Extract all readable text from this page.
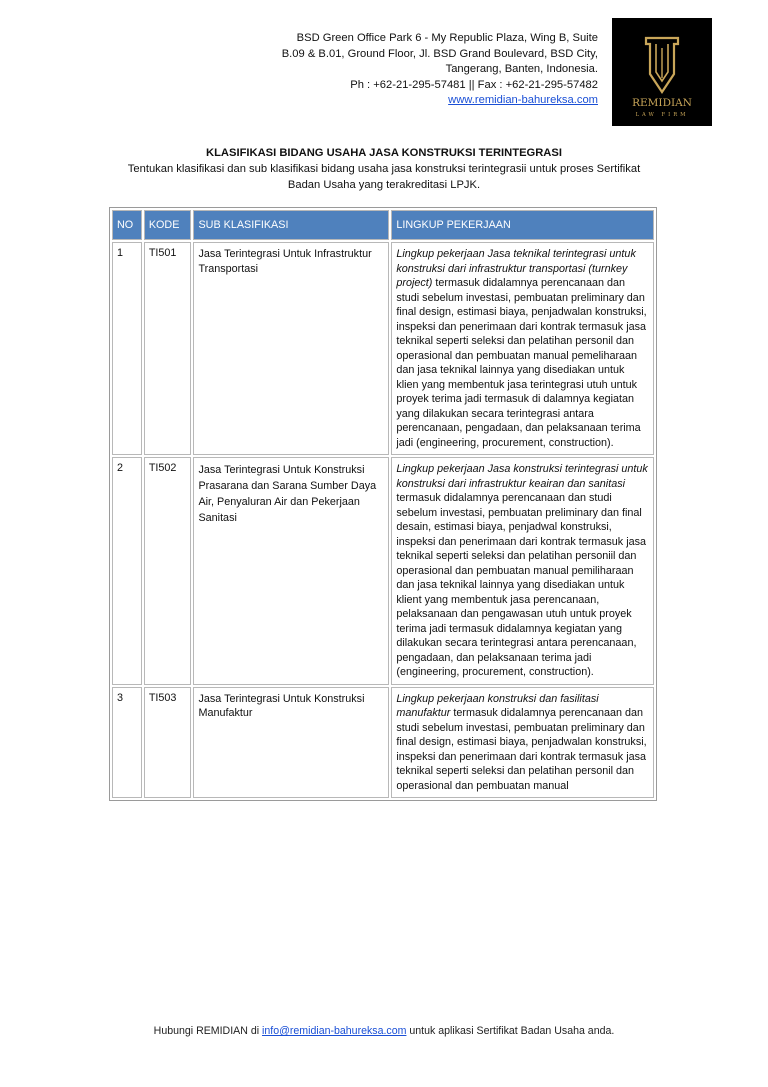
BSD Green Office Park 6 - My Republic Plaza, Wing B, Suite
B.09 & B.01, Ground Floor, Jl. BSD Grand Boulevard, BSD City,
Tangerang, Banten, Indonesia.
Ph : +62-21-295-57481 || Fax : +62-21-295-57482
www.remidian-bahureksa.com	REMIDIAN
LAW FIRM
KLASIFIKASI BIDANG USAHA JASA KONSTRUKSI TERINTEGRASI
Tentukan klasifikasi dan sub klasifikasi bidang usaha jasa konstruksi terintegrasii untuk proses Sertifikat Badan Usaha yang terakreditasi LPJK.
NO	KODE	SUB KLASIFIKASI	LINGKUP PEKERJAAN
1	TI501	Jasa Terintegrasi Untuk Infrastruktur Transportasi	Lingkup pekerjaan Jasa teknikal terintegrasi untuk konstruksi dari infrastruktur transportasi (turnkey project) termasuk didalamnya perencanaan dan studi sebelum investasi, pembuatan preliminary dan final design, estimasi biaya, penjadwalan konstruksi, inspeksi dan penerimaan dari kontrak termasuk jasa teknikal seperti seleksi dan pelatihan personil dan operasional dan pembuatan manual pemeliharaan dan jasa teknikal lainnya yang disediakan untuk klien yang membentuk jasa terintegrasi utuh untuk proyek terima jadi termasuk di dalamnya kegiatan yang dilakukan secara terintegrasi antara perencanaan, pengadaan, dan pelaksanaan terima jadi (engineering, procurement, construction).
2	TI502	Jasa Terintegrasi Untuk Konstruksi Prasarana dan Sarana Sumber Daya Air, Penyaluran Air dan Pekerjaan Sanitasi	Lingkup pekerjaan Jasa konstruksi terintegrasi untuk konstruksi dari infrastruktur keairan dan sanitasi termasuk didalamnya perencanaan dan studi sebelum investasi, pembuatan preliminary dan final desain, estimasi biaya, penjadwal konstruksi, inspeksi dan penerimaan dari kontrak termasuk jasa teknikal seperti seleksi dan pelatihan personiil dan operasional dan pembuatan manual pemiliharaan dan jasa teknikal lainnya yang disediakan untuk klient yang membentuk jasa perencanaan, pelaksanaan dan pengawasan utuh untuk proyek terima jadi termasuk didalamnya kegiatan yang dilakukan secara terintegrasi antara perencanaan, pengadaan, dan pelaksanaan terima jadi (engineering, procurement, construction).
3	TI503	Jasa Terintegrasi Untuk Konstruksi Manufaktur	Lingkup pekerjaan konstruksi dan fasilitasi manufaktur termasuk didalamnya perencanaan dan studi sebelum investasi, pembuatan preliminary dan final design, estimasi biaya, penjadwalan konstruksi, inspeksi dan penerimaan dari kontrak termasuk jasa teknikal seperti seleksi dan pelatihan personil dan operasional dan pembuatan manual
Hubungi REMIDIAN di info@remidian-bahureksa.com untuk aplikasi Sertifikat Badan Usaha anda.
